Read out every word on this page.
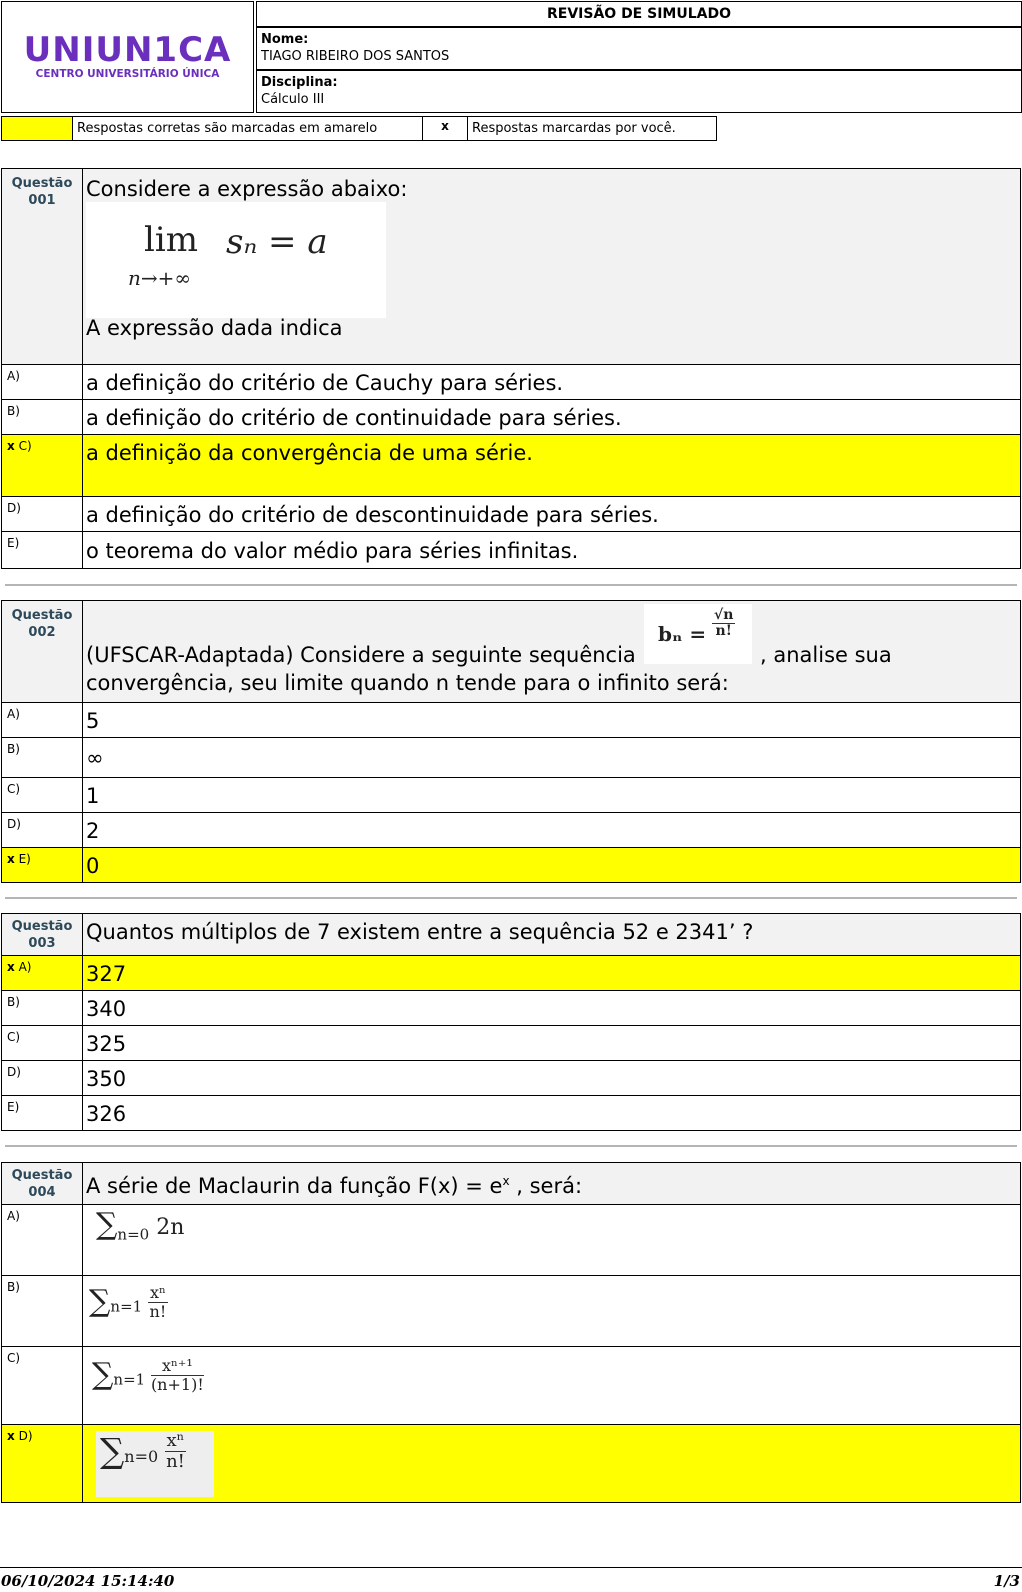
UNIUN1CA
CENTRO UNIVERSITÁRIO ÚNICA
REVISÃO DE SIMULADO
Nome:
TIAGO RIBEIRO DOS SANTOS
Disciplina:
Cálculo III
Respostas corretas são marcadas em amarelo	x	Respostas marcardas por você.
Questão
001	Considere a expressão abaixo:
lim
n→+∞
sₙ = a
A expressão dada indica
A)	a definição do critério de Cauchy para séries.
B)	a definição do critério de continuidade para séries.
x C)	a definição da convergência de uma série.
D)	a definição do critério de descontinuidade para séries.
E)	o teorema do valor médio para séries infinitas.
Questão
002	$b_n = \frac{√n}{n!}$
(UFSCAR-Adaptada) Considere a seguinte sequência	, analise sua
convergência, seu limite quando n tende para o infinito será:
A)	5
B)	∞
C)	1
D)	2
x E)	0
Questão
003	Quantos múltiplos de 7 existem entre a sequência 52 e 2341’ ?
x A)	327
B)	340
C)	325
D)	350
E)	326
Questão
004	A série de Maclaurin da função $F(x) = e^x$ , será:
A)	$\sum_{n=0}$ 2n
B) $\sum_{n=1} \frac{\text{xⁿ}}{n!}$
C) $\sum_{n=1} \frac{\text{xⁿ⁺¹}}{(n+1)!}$
x D) $\sum_{n=0} \frac{\text{xⁿ}}{n!}$
06/10/2024 15:14:40	1/3
